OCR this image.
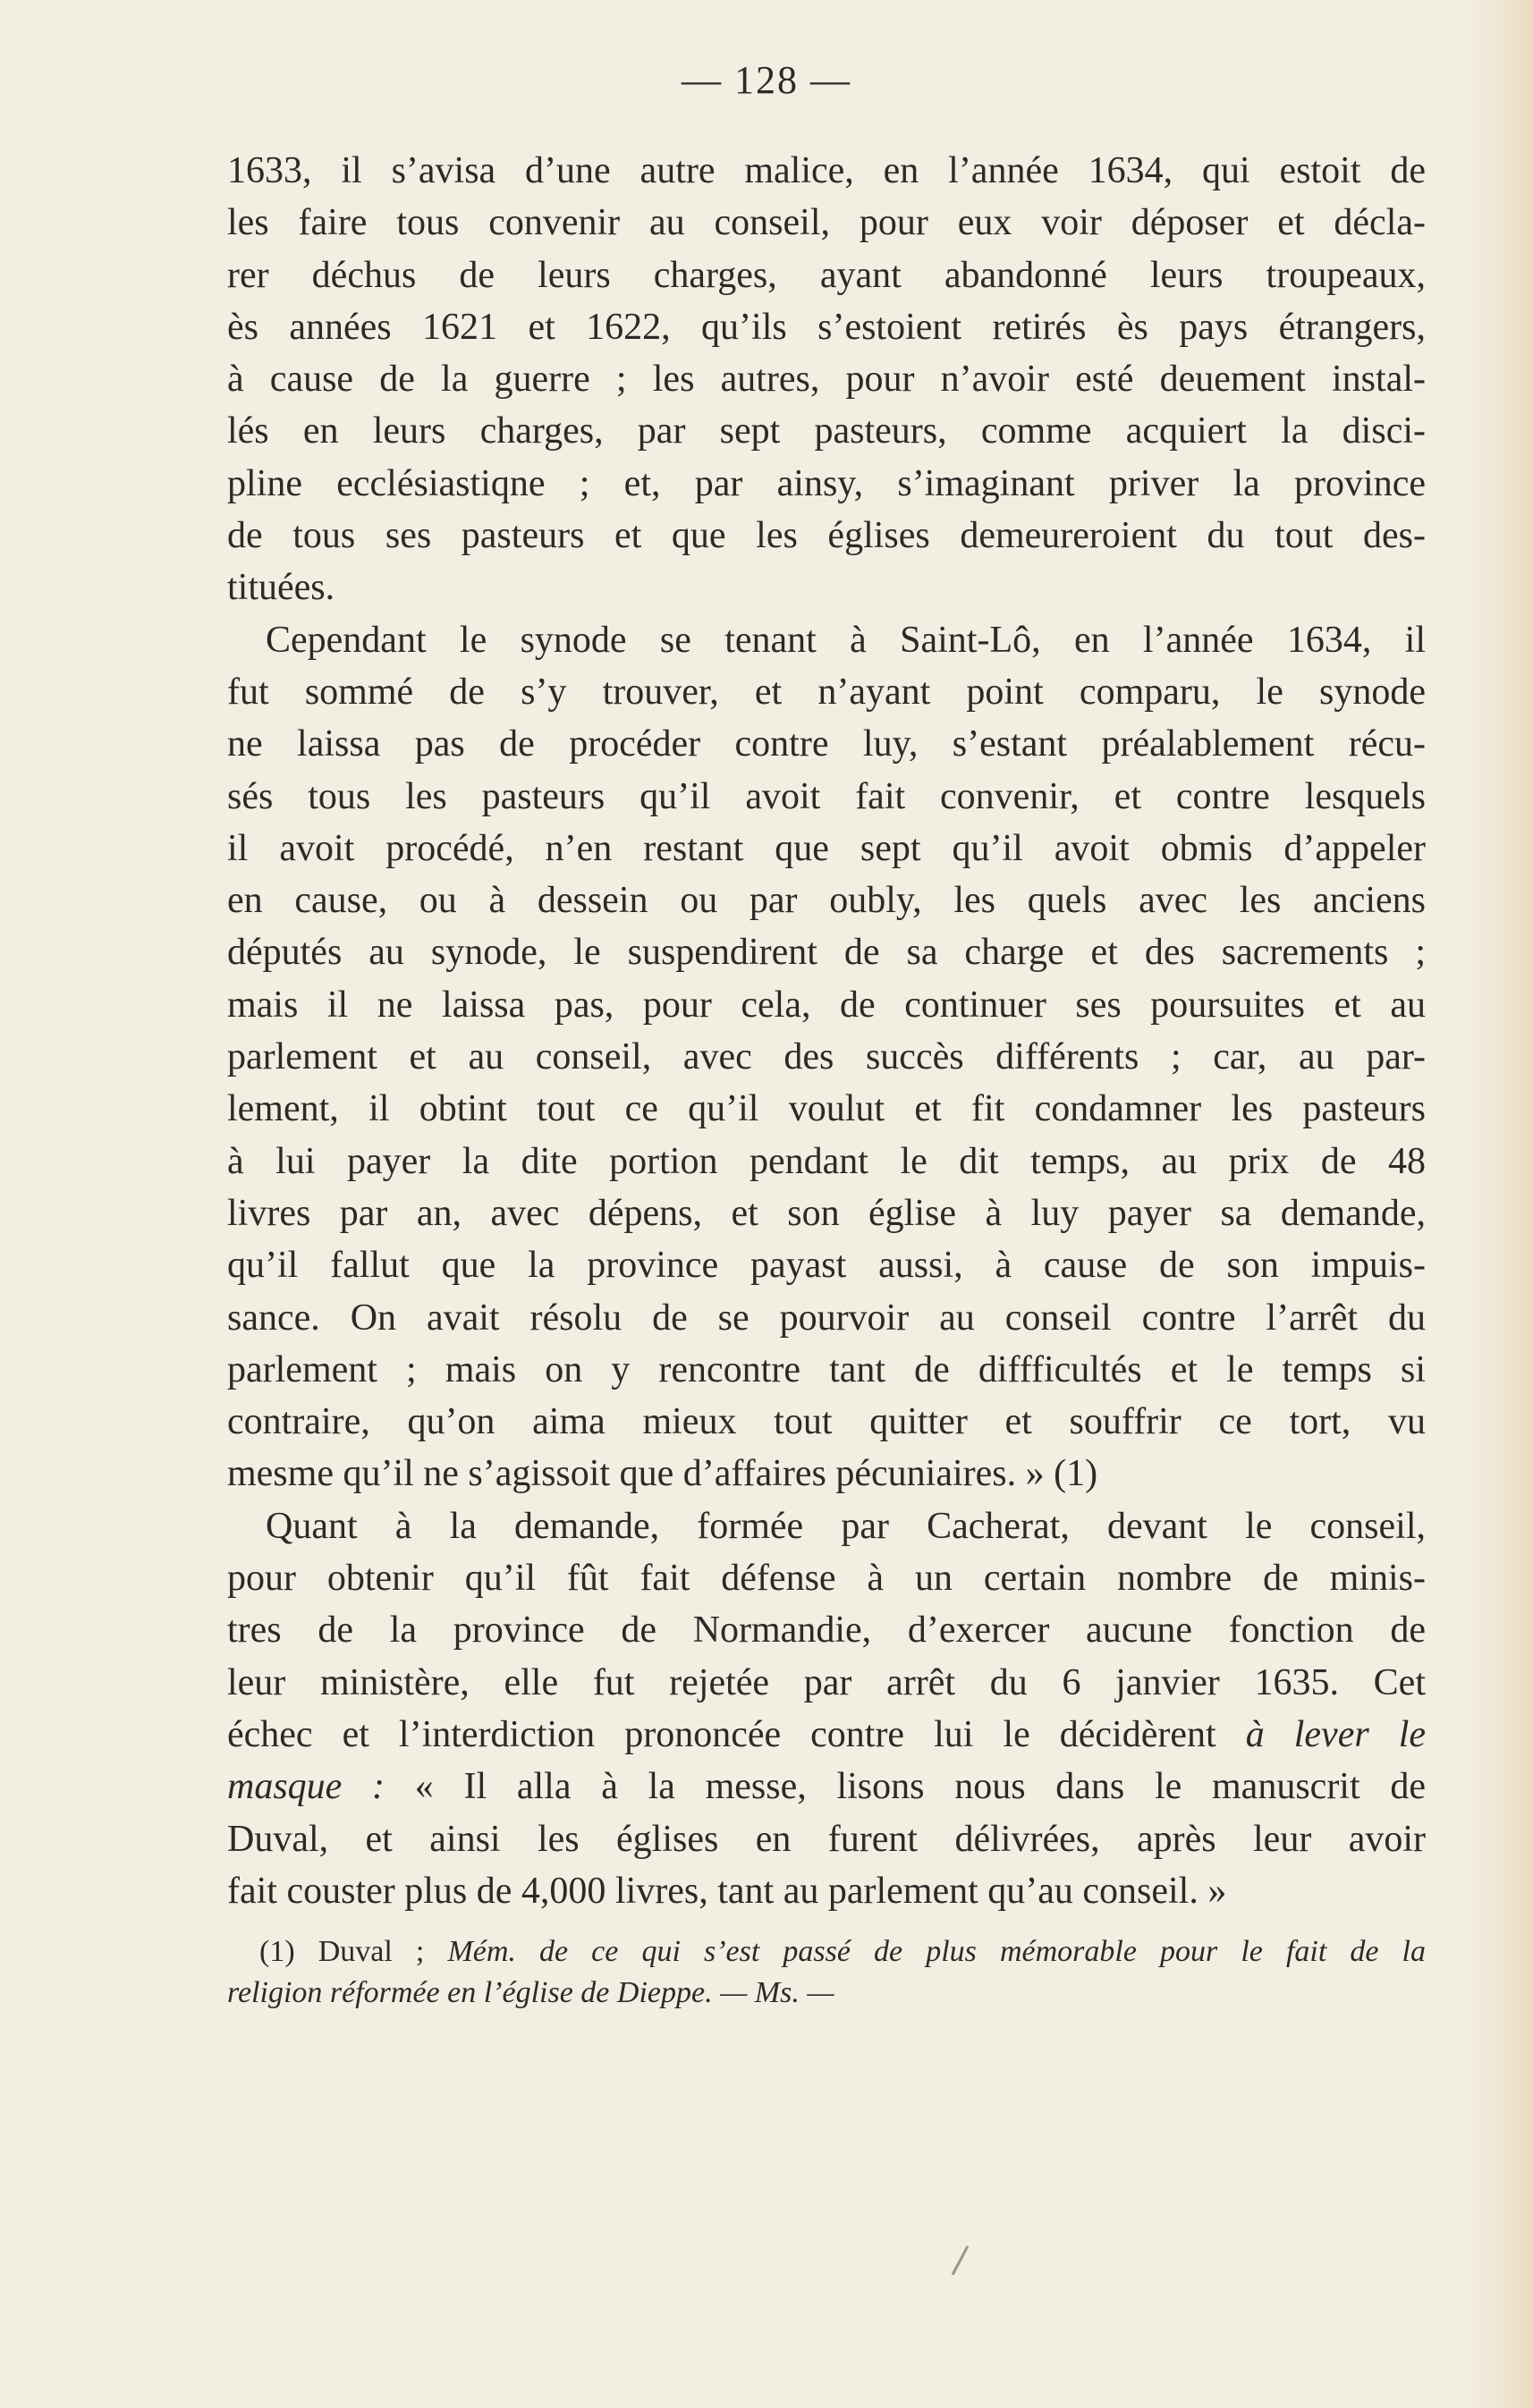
— 128 —
1633, il s’avisa d’une autre malice, en l’année 1634, qui estoit de
les faire tous convenir au conseil, pour eux voir déposer et décla-
rer déchus de leurs charges, ayant abandonné leurs troupeaux,
ès années 1621 et 1622, qu’ils s’estoient retirés ès pays étrangers,
à cause de la guerre ; les autres, pour n’avoir esté deuement instal-
lés en leurs charges, par sept pasteurs, comme acquiert la disci-
pline ecclésiastiqne ; et, par ainsy, s’imaginant priver la province
de tous ses pasteurs et que les églises demeureroient du tout des-
tituées.
Cependant le synode se tenant à Saint-Lô, en l’année 1634, il
fut sommé de s’y trouver, et n’ayant point comparu, le synode
ne laissa pas de procéder contre luy, s’estant préalablement récu-
sés tous les pasteurs qu’il avoit fait convenir, et contre lesquels
il avoit procédé, n’en restant que sept qu’il avoit obmis d’appeler
en cause, ou à dessein ou par oubly, les quels avec les anciens
députés au synode, le suspendirent de sa charge et des sacrements ;
mais il ne laissa pas, pour cela, de continuer ses poursuites et au
parlement et au conseil, avec des succès différents ; car, au par-
lement, il obtint tout ce qu’il voulut et fit condamner les pasteurs
à lui payer la dite portion pendant le dit temps, au prix de 48
livres par an, avec dépens, et son église à luy payer sa demande,
qu’il fallut que la province payast aussi, à cause de son impuis-
sance. On avait résolu de se pourvoir au conseil contre l’arrêt du
parlement ; mais on y rencontre tant de diffficultés et le temps si
contraire, qu’on aima mieux tout quitter et souffrir ce tort, vu
mesme qu’il ne s’agissoit que d’affaires pécuniaires. » (1)
Quant à la demande, formée par Cacherat, devant le conseil,
pour obtenir qu’il fût fait défense à un certain nombre de minis-
tres de la province de Normandie, d’exercer aucune fonction de
leur ministère, elle fut rejetée par arrêt du 6 janvier 1635. Cet
échec et l’interdiction prononcée contre lui le décidèrent à lever le
masque : « Il alla à la messe, lisons nous dans le manuscrit de
Duval, et ainsi les églises en furent délivrées, après leur avoir
fait couster plus de 4,000 livres, tant au parlement qu’au conseil. »
(1) Duval ; Mém. de ce qui s’est passé de plus mémorable pour le fait de la
religion réformée en l’église de Dieppe. — Ms. —
